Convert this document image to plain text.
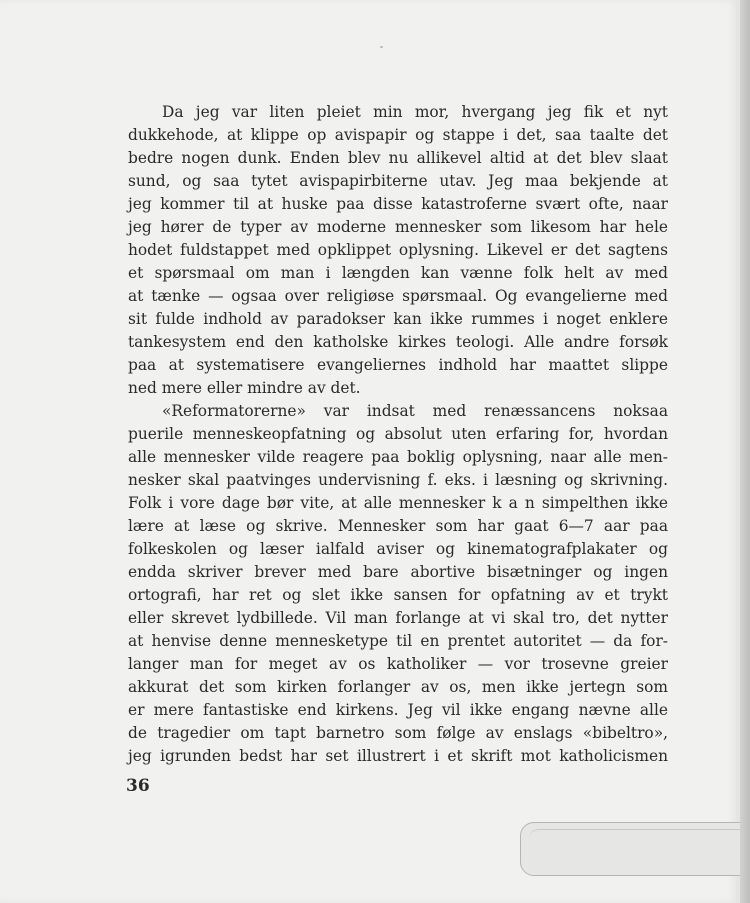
Da jeg var liten pleiet min mor, hvergang jeg fik et nyt
dukkehode, at klippe op avispapir og stappe i det, saa taalte det
bedre nogen dunk. Enden blev nu allikevel altid at det blev slaat
sund, og saa tytet avispapirbiterne utav. Jeg maa bekjende at
jeg kommer til at huske paa disse katastroferne svært ofte, naar
jeg hører de typer av moderne mennesker som likesom har hele
hodet fuldstappet med opklippet oplysning. Likevel er det sagtens
et spørsmaal om man i længden kan vænne folk helt av med
at tænke — ogsaa over religiøse spørsmaal. Og evangelierne med
sit fulde indhold av paradokser kan ikke rummes i noget enklere
tankesystem end den katholske kirkes teologi. Alle andre forsøk
paa at systematisere evangeliernes indhold har maattet slippe
ned mere eller mindre av det.
«Reformatorerne» var indsat med renæssancens noksaa
puerile menneskeopfatning og absolut uten erfaring for, hvordan
alle mennesker vilde reagere paa boklig oplysning, naar alle men-
nesker skal paatvinges undervisning f. eks. i læsning og skrivning.
Folk i vore dage bør vite, at alle mennesker k a n simpelthen ikke
lære at læse og skrive. Mennesker som har gaat 6—7 aar paa
folkeskolen og læser ialfald aviser og kinematografplakater og
endda skriver brever med bare abortive bisætninger og ingen
ortografi, har ret og slet ikke sansen for opfatning av et trykt
eller skrevet lydbillede. Vil man forlange at vi skal tro, det nytter
at henvise denne mennesketype til en prentet autoritet — da for-
langer man for meget av os katholiker — vor trosevne greier
akkurat det som kirken forlanger av os, men ikke jertegn som
er mere fantastiske end kirkens. Jeg vil ikke engang nævne alle
de tragedier om tapt barnetro som følge av enslags «bibeltro»,
jeg igrunden bedst har set illustrert i et skrift mot katholicismen
36
